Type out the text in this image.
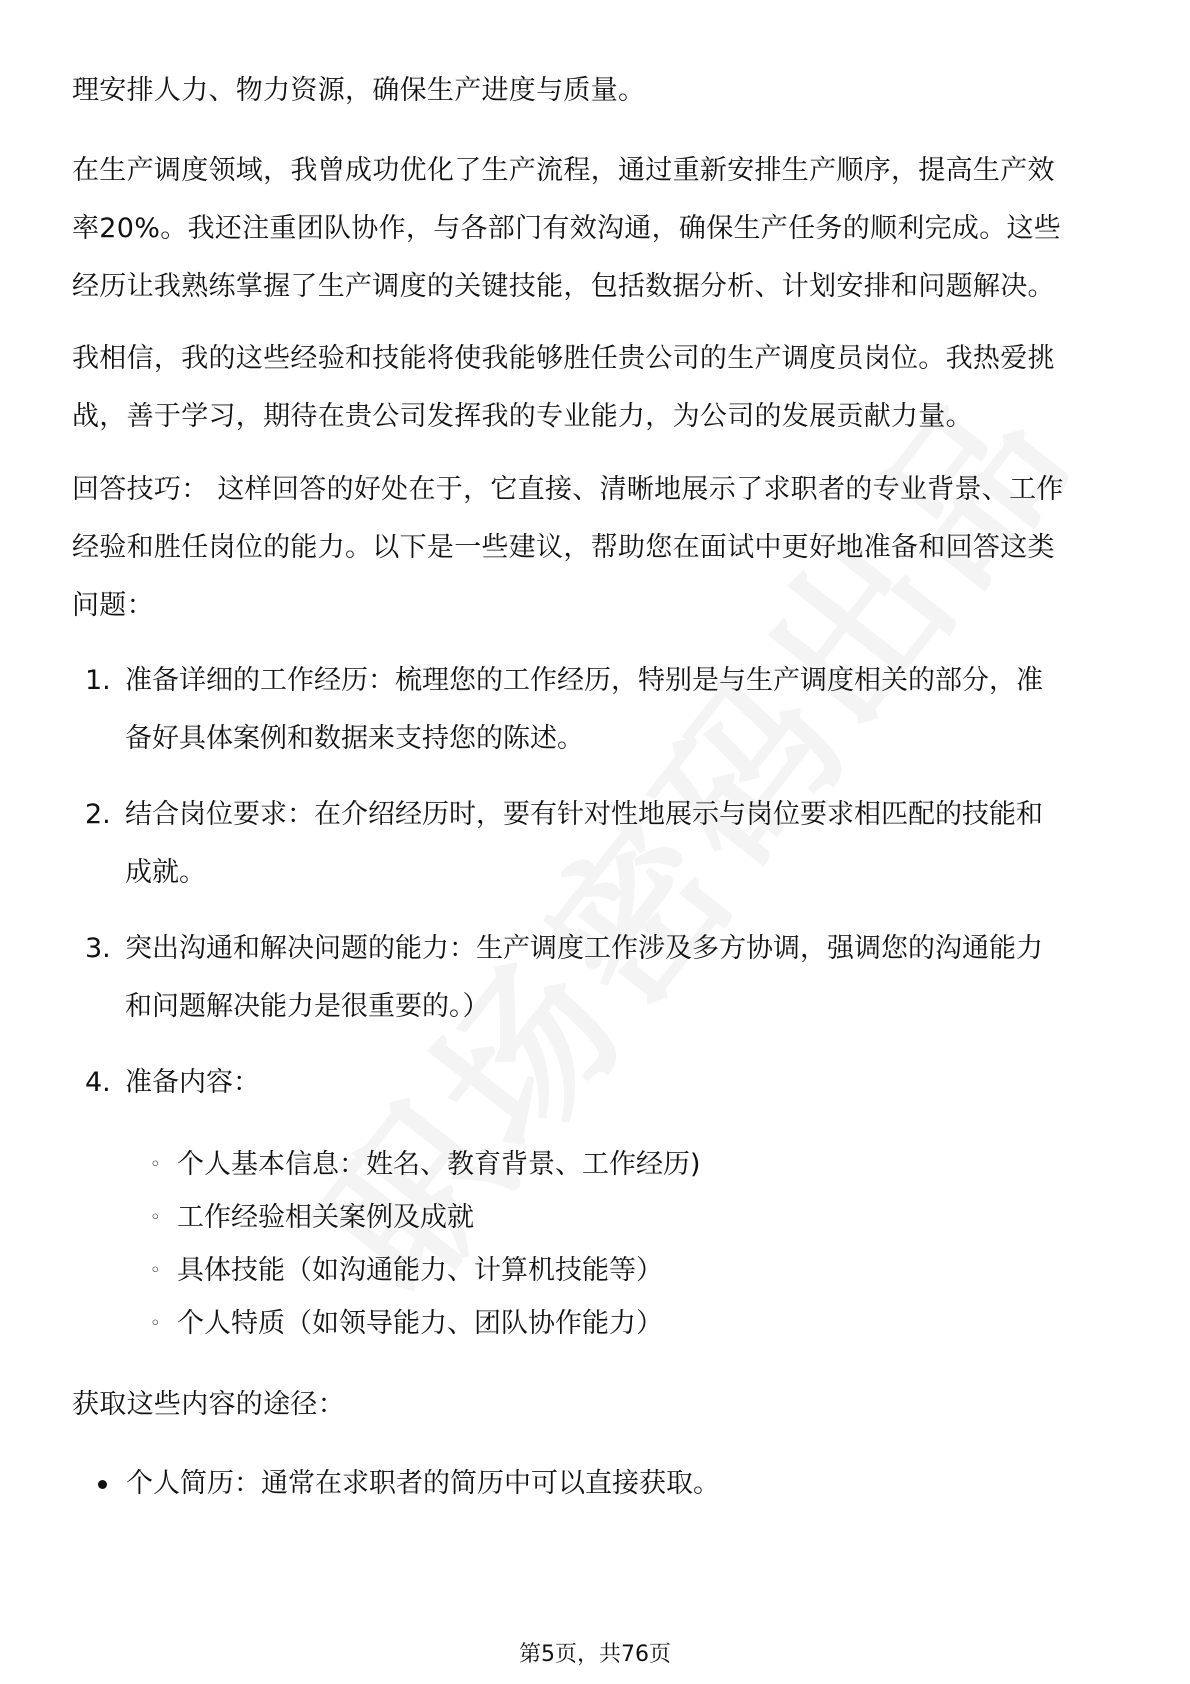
理安排人力、物力资源，确保生产进度与质量。
在生产调度领域，我曾成功优化了生产流程，通过重新安排生产顺序，提高生产效
率20%。我还注重团队协作，与各部门有效沟通，确保生产任务的顺利完成。这些
经历让我熟练掌握了生产调度的关键技能，包括数据分析、计划安排和问题解决。
我相信，我的这些经验和技能将使我能够胜任贵公司的生产调度员岗位。我热爱挑
战，善于学习，期待在贵公司发挥我的专业能力，为公司的发展贡献力量。
回答技巧： 这样回答的好处在于，它直接、清晰地展示了求职者的专业背景、工作
经验和胜任岗位的能力。以下是一些建议，帮助您在面试中更好地准备和回答这类
问题：
1. 准备详细的工作经历：梳理您的工作经历，特别是与生产调度相关的部分，准
备好具体案例和数据来支持您的陈述。
2. 结合岗位要求：在介绍经历时，要有针对性地展示与岗位要求相匹配的技能和
成就。
3. 突出沟通和解决问题的能力：生产调度工作涉及多方协调，强调您的沟通能力
和问题解决能力是很重要的。）
4. 准备内容：
◦ 个人基本信息：姓名、教育背景、工作经历)
◦ 工作经验相关案例及成就
◦ 具体技能（如沟通能力、计算机技能等）
◦ 个人特质（如领导能力、团队协作能力）
获取这些内容的途径：
个人简历：通常在求职者的简历中可以直接获取。
第5页，共76页
